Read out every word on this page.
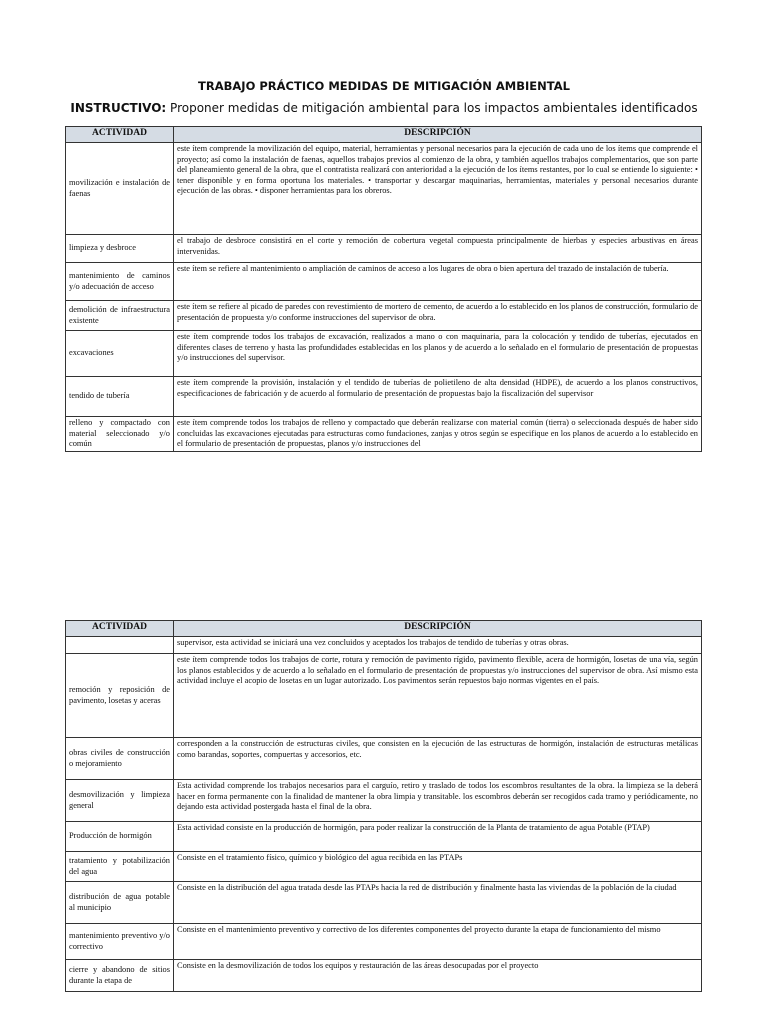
TRABAJO PRÁCTICO MEDIDAS DE MITIGACIÓN AMBIENTAL
INSTRUCTIVO: Proponer medidas de mitigación ambiental para los impactos ambientales identificados
ACTIVIDAD	DESCRIPCIÓN
movilización e instalación de faenas	este ítem comprende la movilización del equipo, material, herramientas y personal necesarios para la ejecución de cada uno de los ítems que comprende el proyecto; así como la instalación de faenas, aquellos trabajos previos al comienzo de la obra, y también aquellos trabajos complementarios, que son parte del planeamiento general de la obra, que el contratista realizará con anterioridad a la ejecución de los ítems restantes, por lo cual se entiende lo siguiente: • tener disponible y en forma oportuna los materiales. • transportar y descargar maquinarias, herramientas, materiales y personal necesarios durante ejecución de las obras. • disponer herramientas para los obreros.
limpieza y desbroce	el trabajo de desbroce consistirá en el corte y remoción de cobertura vegetal compuesta principalmente de hierbas y especies arbustivas en áreas intervenidas.
mantenimiento de caminos y/o adecuación de acceso	este ítem se refiere al mantenimiento o ampliación de caminos de acceso a los lugares de obra o bien apertura del trazado de instalación de tubería.
demolición de infraestructura existente	este ítem se refiere al picado de paredes con revestimiento de mortero de cemento, de acuerdo a lo establecido en los planos de construcción, formulario de presentación de propuesta y/o conforme instrucciones del supervisor de obra.
excavaciones	este ítem comprende todos los trabajos de excavación, realizados a mano o con maquinaria, para la colocación y tendido de tuberías, ejecutados en diferentes clases de terreno y hasta las profundidades establecidas en los planos y de acuerdo a lo señalado en el formulario de presentación de propuestas y/o instrucciones del supervisor.
tendido de tubería	este ítem comprende la provisión, instalación y el tendido de tuberías de polietileno de alta densidad (HDPE), de acuerdo a los planos constructivos, especificaciones de fabricación y de acuerdo al formulario de presentación de propuestas bajo la fiscalización del supervisor
relleno y compactado con material seleccionado y/o común	este ítem comprende todos los trabajos de relleno y compactado que deberán realizarse con material común (tierra) o seleccionada después de haber sido concluidas las excavaciones ejecutadas para estructuras como fundaciones, zanjas y otros según se especifique en los planos de acuerdo a lo establecido en el formulario de presentación de propuestas, planos y/o instrucciones del
ACTIVIDAD	DESCRIPCIÓN
	supervisor, esta actividad se iniciará una vez concluidos y aceptados los trabajos de tendido de tuberías y otras obras.
remoción y reposición de pavimento, losetas y aceras	este ítem comprende todos los trabajos de corte, rotura y remoción de pavimento rígido, pavimento flexible, acera de hormigón, losetas de una vía, según los planos establecidos y de acuerdo a lo señalado en el formulario de presentación de propuestas y/o instrucciones del supervisor de obra. Así mismo esta actividad incluye el acopio de losetas en un lugar autorizado. Los pavimentos serán repuestos bajo normas vigentes en el país.
obras civiles de construcción o mejoramiento	corresponden a la construcción de estructuras civiles, que consisten en la ejecución de las estructuras de hormigón, instalación de estructuras metálicas como barandas, soportes, compuertas y accesorios, etc.
desmovilización y limpieza general	Esta actividad comprende los trabajos necesarios para el carguío, retiro y traslado de todos los escombros resultantes de la obra. la limpieza se la deberá hacer en forma permanente con la finalidad de mantener la obra limpia y transitable. los escombros deberán ser recogidos cada tramo y periódicamente, no dejando esta actividad postergada hasta el final de la obra.
Producción de hormigón	Esta actividad consiste en la producción de hormigón, para poder realizar la construcción de la Planta de tratamiento de agua Potable (PTAP)
tratamiento y potabilización del agua	Consiste en el tratamiento físico, químico y biológico del agua recibida en las PTAPs
distribución de agua potable al municipio	Consiste en la distribución del agua tratada desde las PTAPs hacia la red de distribución y finalmente hasta las viviendas de la población de la ciudad
mantenimiento preventivo y/o correctivo	Consiste en el mantenimiento preventivo y correctivo de los diferentes componentes del proyecto durante la etapa de funcionamiento del mismo
cierre y abandono de sitios durante la etapa de	Consiste en la desmovilización de todos los equipos y restauración de las áreas desocupadas por el proyecto
